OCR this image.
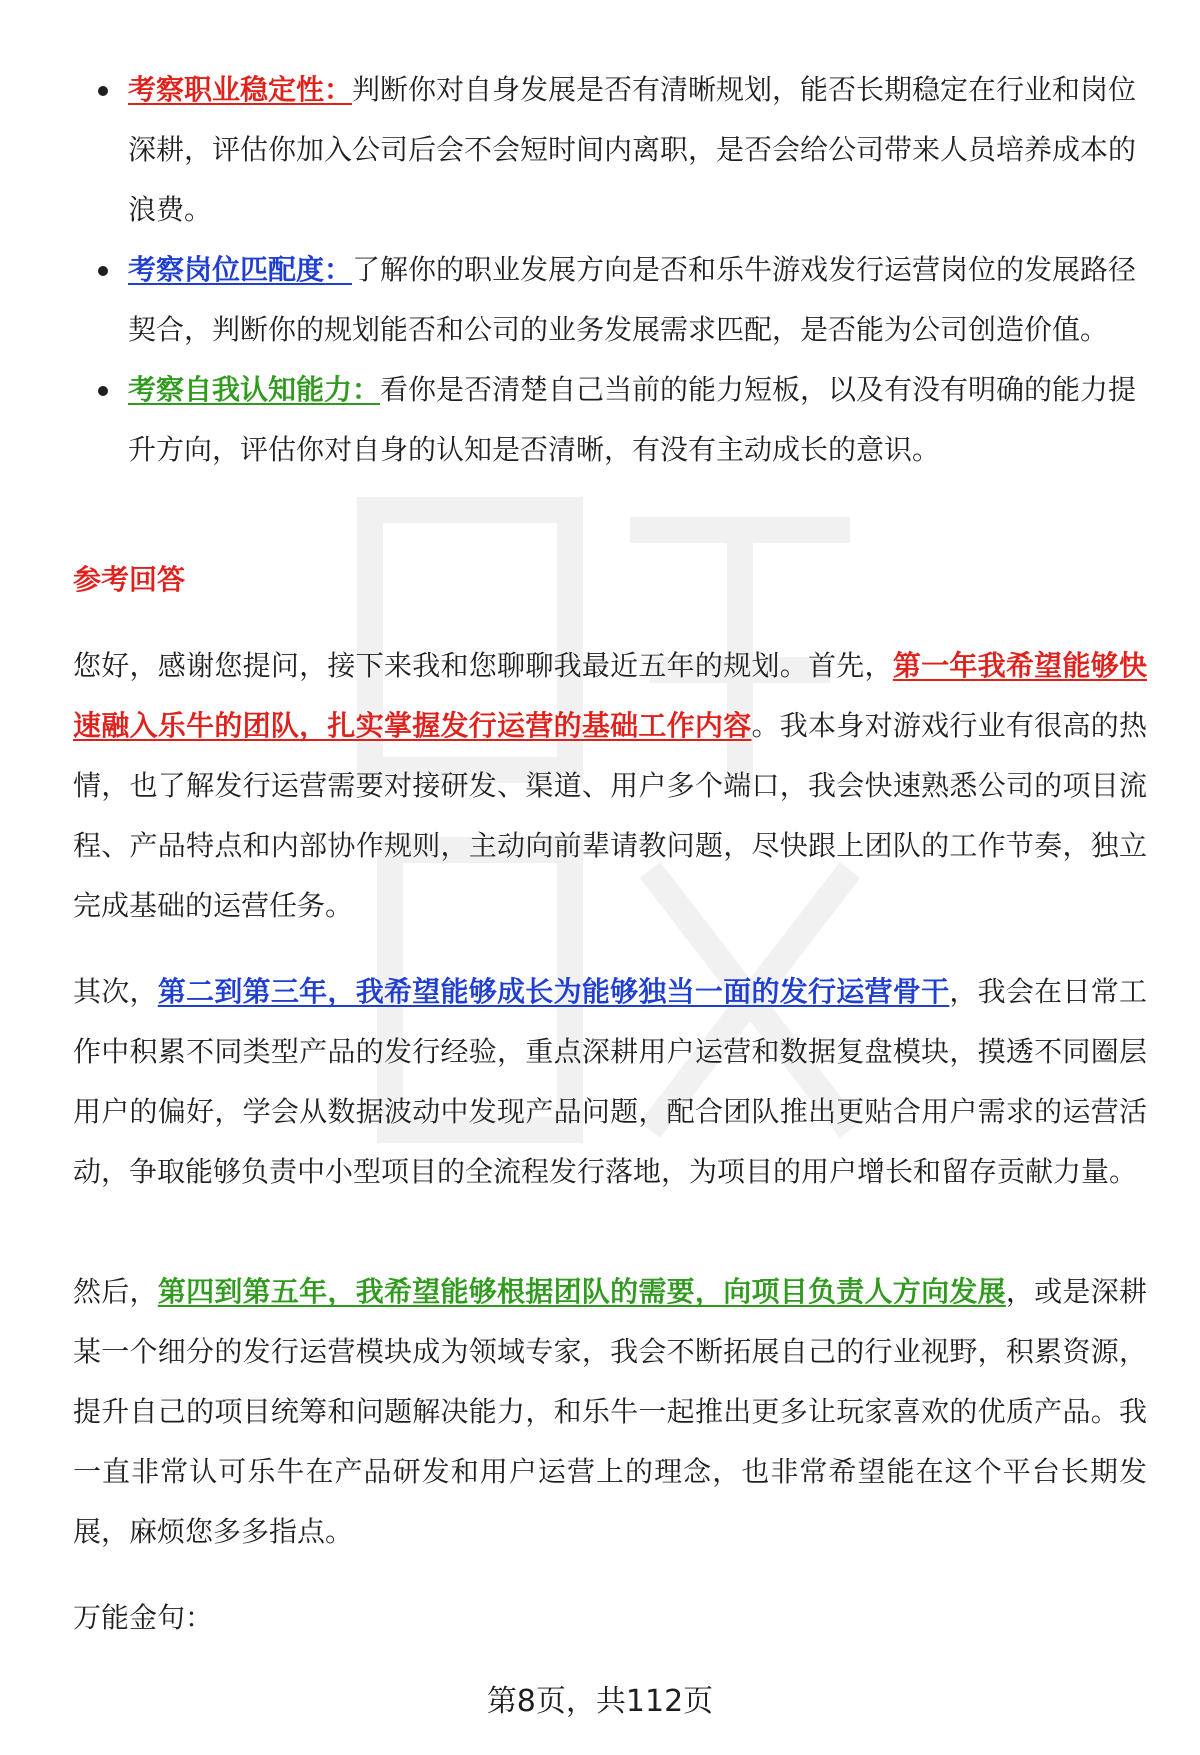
考察职业稳定性：判断你对自身发展是否有清晰规划，能否长期稳定在行业和岗位深耕，评估你加入公司后会不会短时间内离职，是否会给公司带来人员培养成本的浪费。
考察岗位匹配度：了解你的职业发展方向是否和乐牛游戏发行运营岗位的发展路径契合，判断你的规划能否和公司的业务发展需求匹配，是否能为公司创造价值。
考察自我认知能力：看你是否清楚自己当前的能力短板，以及有没有明确的能力提升方向，评估你对自身的认知是否清晰，有没有主动成长的意识。
参考回答

您好，感谢您提问，接下来我和您聊聊我最近五年的规划。首先，第一年我希望能够快速融入乐牛的团队，扎实掌握发行运营的基础工作内容。我本身对游戏行业有很高的热情，也了解发行运营需要对接研发、渠道、用户多个端口，我会快速熟悉公司的项目流程、产品特点和内部协作规则，主动向前辈请教问题，尽快跟上团队的工作节奏，独立完成基础的运营任务。

其次，第二到第三年，我希望能够成长为能够独当一面的发行运营骨干，我会在日常工作中积累不同类型产品的发行经验，重点深耕用户运营和数据复盘模块，摸透不同圈层用户的偏好，学会从数据波动中发现产品问题，配合团队推出更贴合用户需求的运营活动，争取能够负责中小型项目的全流程发行落地，为项目的用户增长和留存贡献力量。

然后，第四到第五年，我希望能够根据团队的需要，向项目负责人方向发展，或是深耕某一个细分的发行运营模块成为领域专家，我会不断拓展自己的行业视野，积累资源，提升自己的项目统筹和问题解决能力，和乐牛一起推出更多让玩家喜欢的优质产品。我一直非常认可乐牛在产品研发和用户运营上的理念，也非常希望能在这个平台长期发展，麻烦您多多指点。

万能金句：

第8页，共112页
